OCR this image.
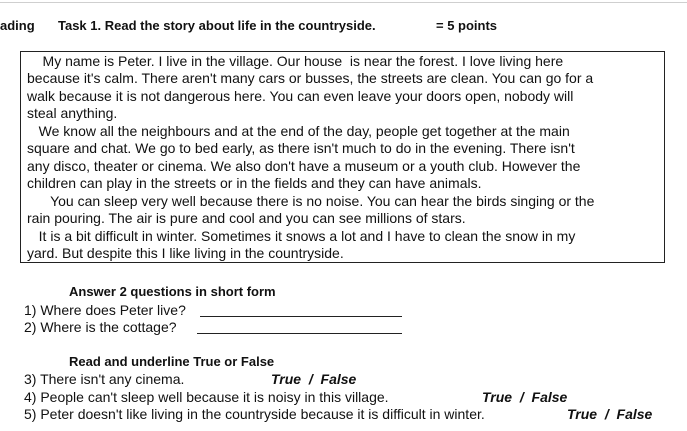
ading Task 1. Read the story about life in the countryside.	= 5 points
My name is Peter. I live in the village. Our house  is near the forest. I love living here
because it's calm. There aren't many cars or busses, the streets are clean. You can go for a
walk because it is not dangerous here. You can even leave your doors open, nobody will
steal anything.
We know all the neighbours and at the end of the day, people get together at the main
square and chat. We go to bed early, as there isn't much to do in the evening. There isn't
any disco, theater or cinema. We also don't have a museum or a youth club. However the
children can play in the streets or in the fields and they can have animals.
You can sleep very well because there is no noise. You can hear the birds singing or the
rain pouring. The air is pure and cool and you can see millions of stars.
It is a bit difficult in winter. Sometimes it snows a lot and I have to clean the snow in my
yard. But despite this I like living in the countryside.
Answer 2 questions in short form
1) Where does Peter live?
2) Where is the cottage?
Read and underline True or False
3) There isn't any cinema.	True  /  False
4) People can't sleep well because it is noisy in this village.	True  /  False
5) Peter doesn't like living in the countryside because it is difficult in winter.	True  /  False
